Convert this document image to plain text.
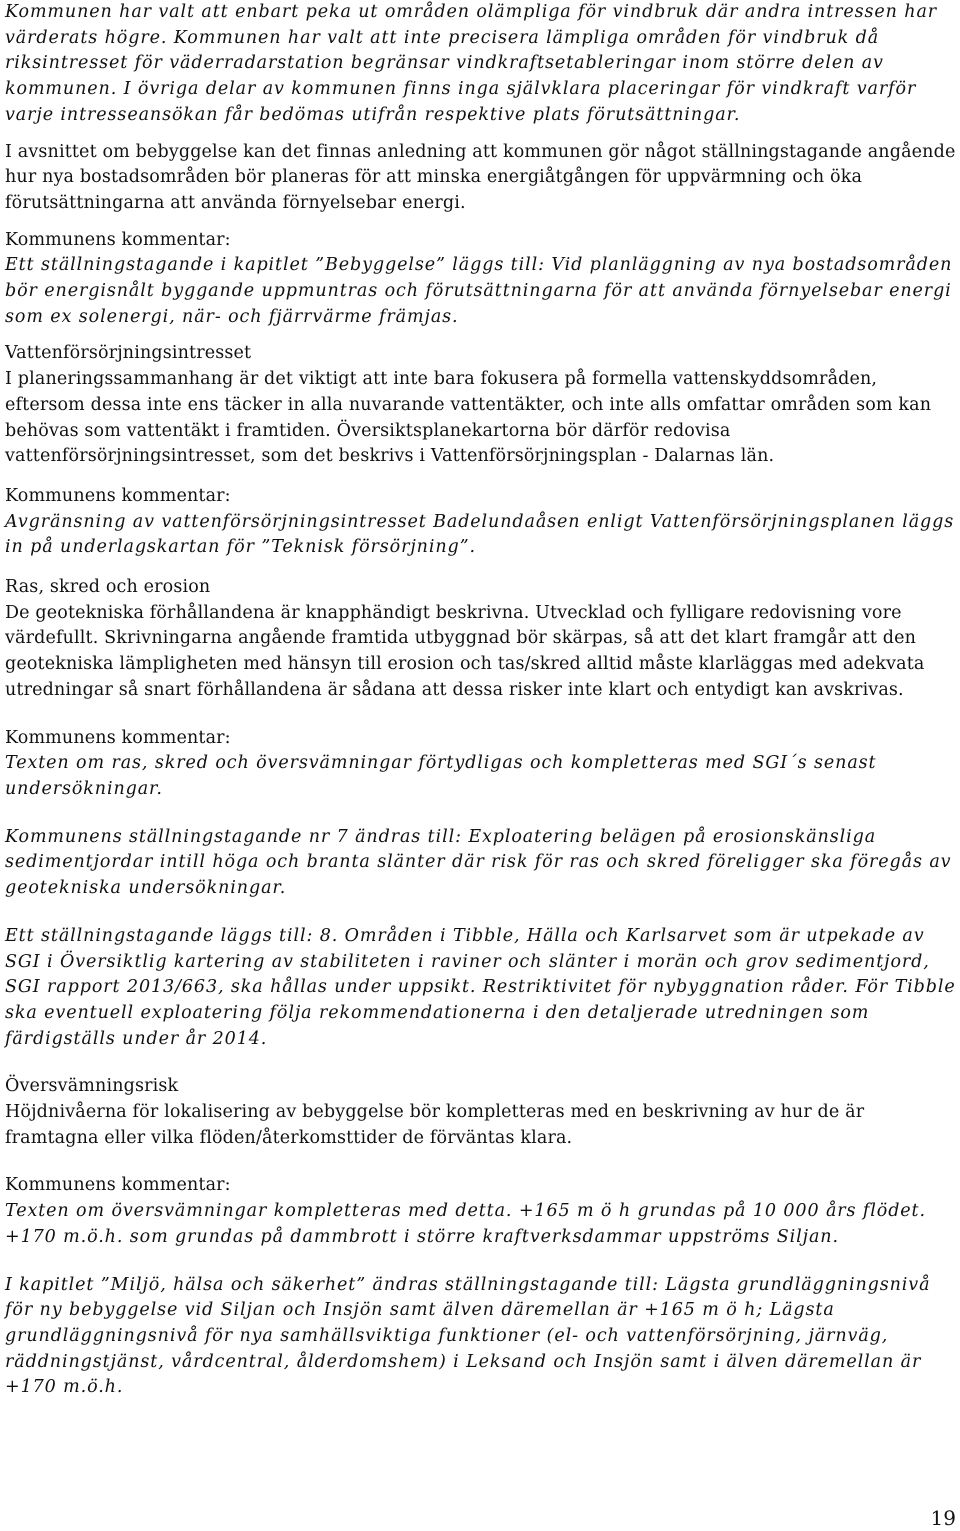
Kommunen har valt att enbart peka ut områden olämpliga för vindbruk där andra intressen har värderats högre. Kommunen har valt att inte precisera lämpliga områden för vindbruk då riksintresset för väderradarstation begränsar vindkraftsetableringar inom större delen av kommunen. I övriga delar av kommunen finns inga självklara placeringar för vindkraft varför varje intresseansökan får bedömas utifrån respektive plats förutsättningar.

I avsnittet om bebyggelse kan det finnas anledning att kommunen gör något ställningstagande angående hur nya bostadsområden bör planeras för att minska energiåtgången för uppvärmning och öka förutsättningarna att använda förnyelsebar energi.

Kommunens kommentar:

Ett ställningstagande i kapitlet ”Bebyggelse” läggs till: Vid planläggning av nya bostadsområden bör energisnålt byggande uppmuntras och förutsättningarna för att använda förnyelsebar energi som ex solenergi, när- och fjärrvärme främjas.

Vattenförsörjningsintresset

I planeringssammanhang är det viktigt att inte bara fokusera på formella vattenskyddsområden, eftersom dessa inte ens täcker in alla nuvarande vattentäkter, och inte alls omfattar områden som kan behövas som vattentäkt i framtiden. Översiktsplanekartorna bör därför redovisa vattenförsörjningsintresset, som det beskrivs i Vattenförsörjningsplan - Dalarnas län.

Kommunens kommentar:

Avgränsning av vattenförsörjningsintresset Badelundaåsen enligt Vattenförsörjningsplanen läggs in på underlagskartan för ”Teknisk försörjning”.

Ras, skred och erosion

De geotekniska förhållandena är knapphändigt beskrivna. Utvecklad och fylligare redovisning vore värdefullt. Skrivningarna angående framtida utbyggnad bör skärpas, så att det klart framgår att den geotekniska lämpligheten med hänsyn till erosion och tas/skred alltid måste klarläggas med adekvata utredningar så snart förhållandena är sådana att dessa risker inte klart och entydigt kan avskrivas.

Kommunens kommentar:

Texten om ras, skred och översvämningar förtydligas och kompletteras med SGI´s senast undersökningar.

Kommunens ställningstagande nr 7 ändras till: Exploatering belägen på erosionskänsliga sedimentjordar intill höga och branta slänter där risk för ras och skred föreligger ska föregås av geotekniska undersökningar.

Ett ställningstagande läggs till: 8. Områden i Tibble, Hälla och Karlsarvet som är utpekade av SGI i Översiktlig kartering av stabiliteten i raviner och slänter i morän och grov sedimentjord, SGI rapport 2013/663, ska hållas under uppsikt. Restriktivitet för nybyggnation råder. För Tibble ska eventuell exploatering följa rekommendationerna i den detaljerade utredningen som färdigställs under år 2014.

Översvämningsrisk

Höjdnivåerna för lokalisering av bebyggelse bör kompletteras med en beskrivning av hur de är framtagna eller vilka flöden/återkomsttider de förväntas klara.

Kommunens kommentar:

Texten om översvämningar kompletteras med detta. +165 m ö h grundas på 10 000 års flödet. +170 m.ö.h. som grundas på dammbrott i större kraftverksdammar uppströms Siljan.

I kapitlet ”Miljö, hälsa och säkerhet” ändras ställningstagande till: Lägsta grundläggningsnivå för ny bebyggelse vid Siljan och Insjön samt älven däremellan är +165 m ö h; Lägsta grundläggningsnivå för nya samhällsviktiga funktioner (el- och vattenförsörjning, järnväg, räddningstjänst, vårdcentral, ålderdomshem) i Leksand och Insjön samt i älven däremellan är +170 m.ö.h.

19
